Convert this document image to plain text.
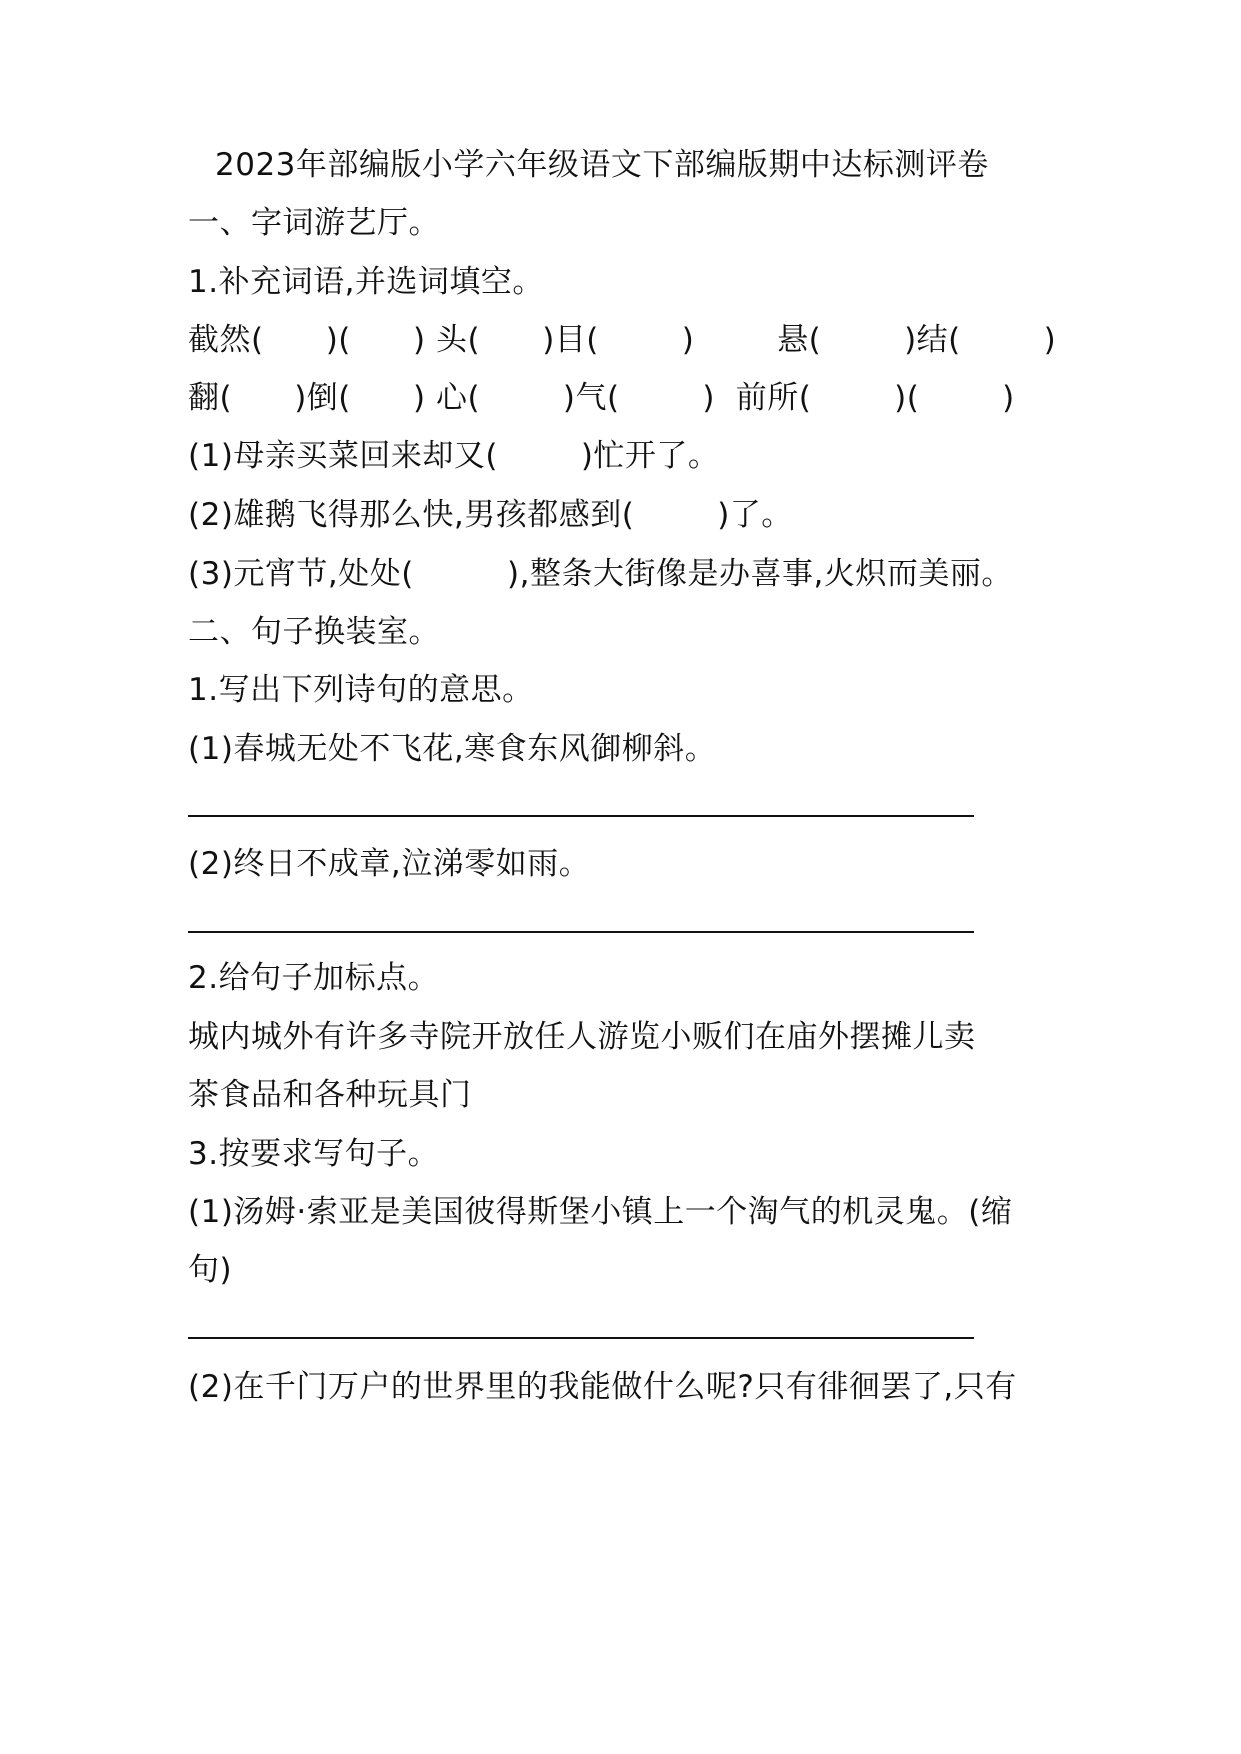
2023年部编版小学六年级语文下部编版期中达标测评卷
一、字词游艺厅。
1.补充词语,并选词填空。
截然(      )(      ) 头(      )目(        )        悬(        )结(        )
翻(      )倒(      ) 心(        )气(        )  前所(        )(        )
(1)母亲买菜回来却又(        )忙开了。
(2)雄鹅飞得那么快,男孩都感到(        )了。
(3)元宵节,处处(         ),整条大街像是办喜事,火炽而美丽。
二、句子换装室。
1.写出下列诗句的意思。
(1)春城无处不飞花,寒食东风御柳斜。
(2)终日不成章,泣涕零如雨。
2.给句子加标点。
城内城外有许多寺院开放任人游览小贩们在庙外摆摊儿卖
茶食品和各种玩具门
3.按要求写句子。
(1)汤姆·索亚是美国彼得斯堡小镇上一个淘气的机灵鬼。(缩
句)
(2)在千门万户的世界里的我能做什么呢?只有徘徊罢了,只有
